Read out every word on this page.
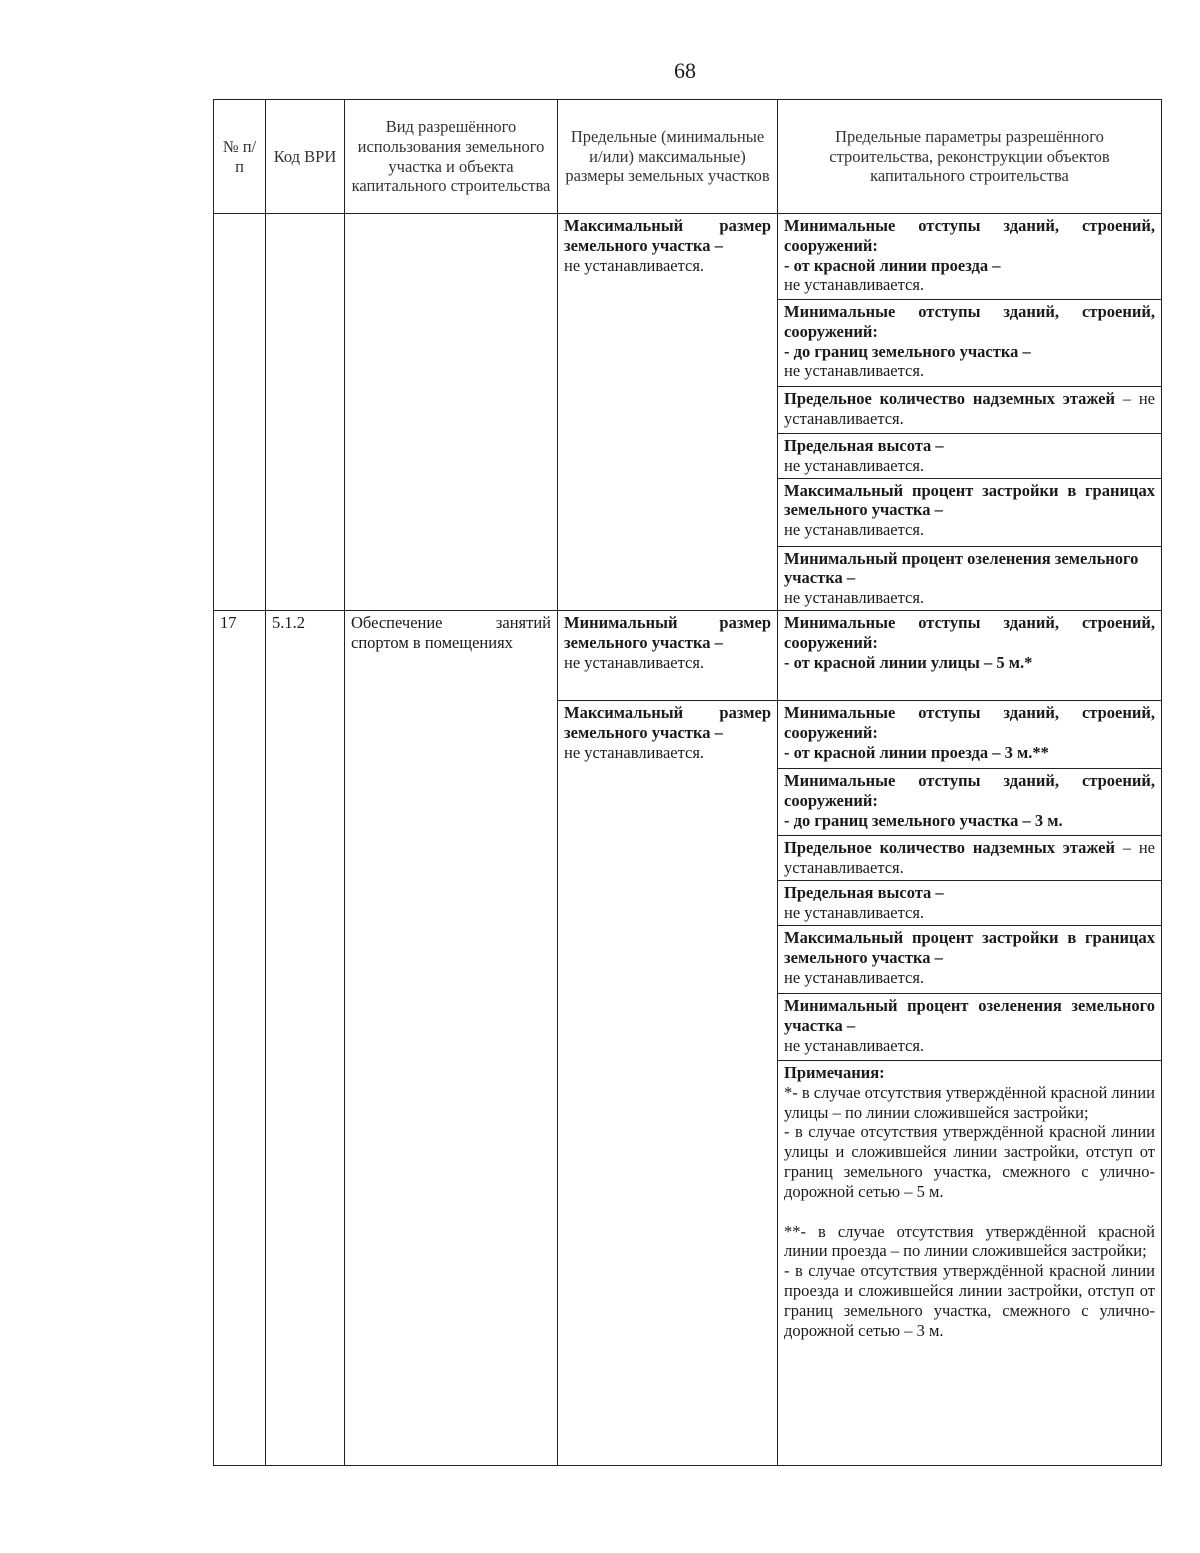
68
№ п/п	Код ВРИ	Вид разрешённого использования земельного участка и объекта капитального строительства	Предельные (минимальные и/или) максимальные) размеры земельных участков	Предельные параметры разрешённого строительства, реконструкции объектов капитального строительства
			Максимальный размер земельного участка –
не устанавливается.	Минимальные отступы зданий, строений, сооружений:
- от красной линии проезда –
не устанавливается.
				Минимальные отступы зданий, строений, сооружений:
- до границ земельного участка –
не устанавливается.
				Предельное количество надземных этажей – не устанавливается.
				Предельная высота –
не устанавливается.
				Максимальный процент застройки в границах земельного участка –
не устанавливается.
				Минимальный процент озеленения земельного участка –
не устанавливается.
17	5.1.2	Обеспечение занятий спортом в помещениях	Минимальный размер земельного участка –
не устанавливается.	Минимальные отступы зданий, строений, сооружений:
- от красной линии улицы – 5 м.*
			Максимальный размер земельного участка –
не устанавливается.	Минимальные отступы зданий, строений, сооружений:
- от красной линии проезда – 3 м.**
				Минимальные отступы зданий, строений, сооружений:
- до границ земельного участка – 3 м.
				Предельное количество надземных этажей – не устанавливается.
				Предельная высота –
не устанавливается.
				Максимальный процент застройки в границах земельного участка –
не устанавливается.
				Минимальный процент озеленения земельного участка –
не устанавливается.

				Примечания:

*- в случае отсутствия утверждённой красной линии улицы – по линии сложившейся застройки;

- в случае отсутствия утверждённой красной линии улицы и сложившейся линии застройки, отступ от границ земельного участка, смежного с улично-дорожной сетью – 5 м.

**- в случае отсутствия утверждённой красной линии проезда – по линии сложившейся застройки;

- в случае отсутствия утверждённой красной линии проезда и сложившейся линии застройки, отступ от границ земельного участка, смежного с улично-дорожной сетью – 3 м.
